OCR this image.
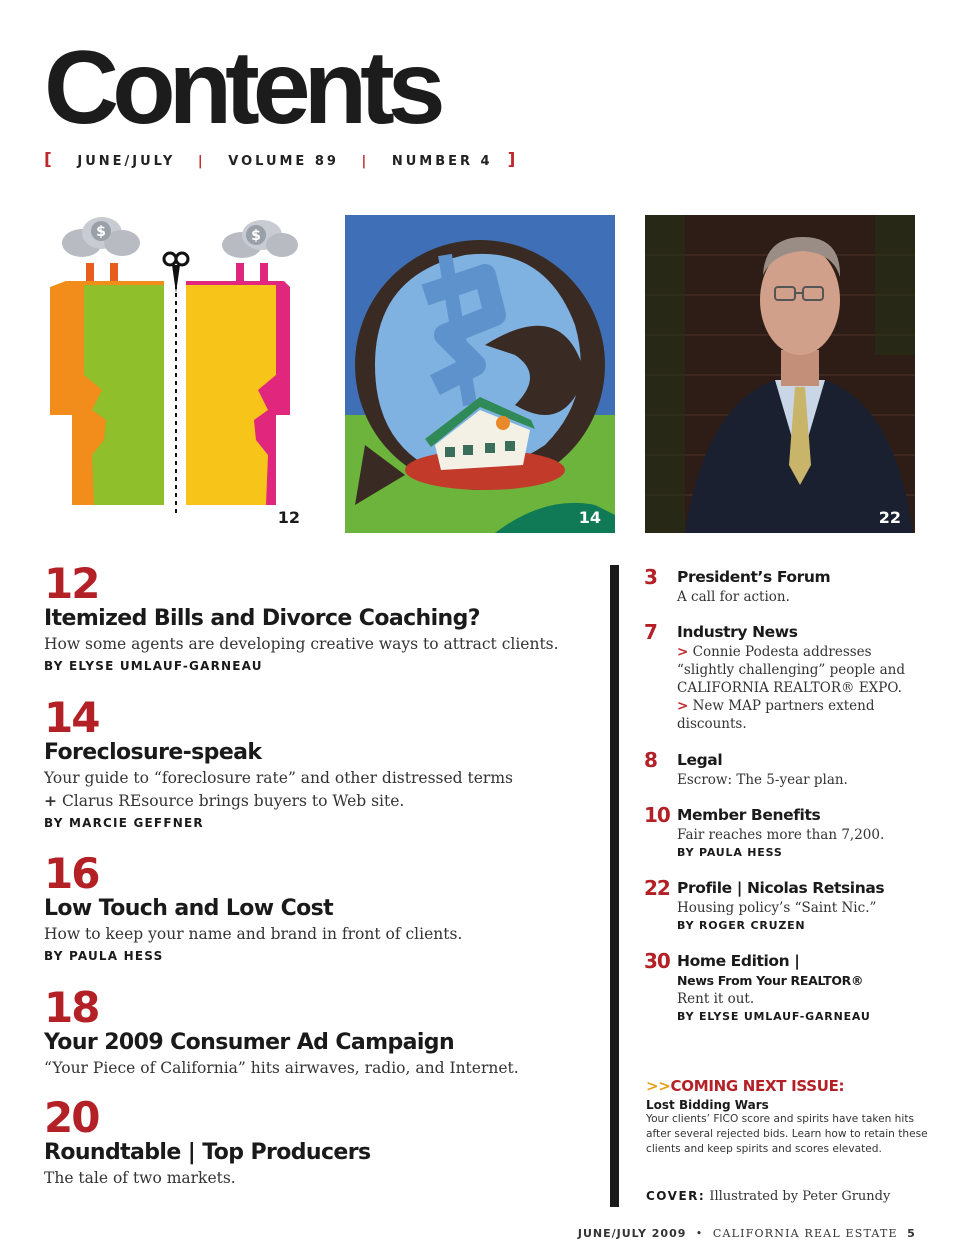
Contents
[ JUNE/JULY | VOLUME 89 | NUMBER 4 ]
$	$
12	14	22
12
Itemized Bills and Divorce Coaching?
How some agents are developing creative ways to attract clients.
BY ELYSE UMLAUF-GARNEAU
14
Foreclosure-speak
Your guide to “foreclosure rate” and other distressed terms
+ Clarus REsource brings buyers to Web site.
BY MARCIE GEFFNER
16
Low Touch and Low Cost
How to keep your name and brand in front of clients.
BY PAULA HESS
18
Your 2009 Consumer Ad Campaign
“Your Piece of California” hits airwaves, radio, and Internet.
20
Roundtable | Top Producers
The tale of two markets.
3 President’s Forum
A call for action.
7 Industry News
> Connie Podesta addresses “slightly challenging” people and CALIFORNIA REALTOR® EXPO.
> New MAP partners extend discounts.
8 Legal
Escrow: The 5-year plan.
10 Member Benefits
Fair reaches more than 7,200.
BY PAULA HESS
22 Profile | Nicolas Retsinas
Housing policy’s “Saint Nic.”
BY ROGER CRUZEN
30 Home Edition |
News From Your REALTOR®
Rent it out.
BY ELYSE UMLAUF-GARNEAU
>>COMING NEXT ISSUE:
Lost Bidding Wars
Your clients’ FICO score and spirits have taken hits after several rejected bids. Learn how to retain these clients and keep spirits and scores elevated.
COVER: Illustrated by Peter Grundy
JUNE/JULY 2009 • CALIFORNIA REAL ESTATE 5
